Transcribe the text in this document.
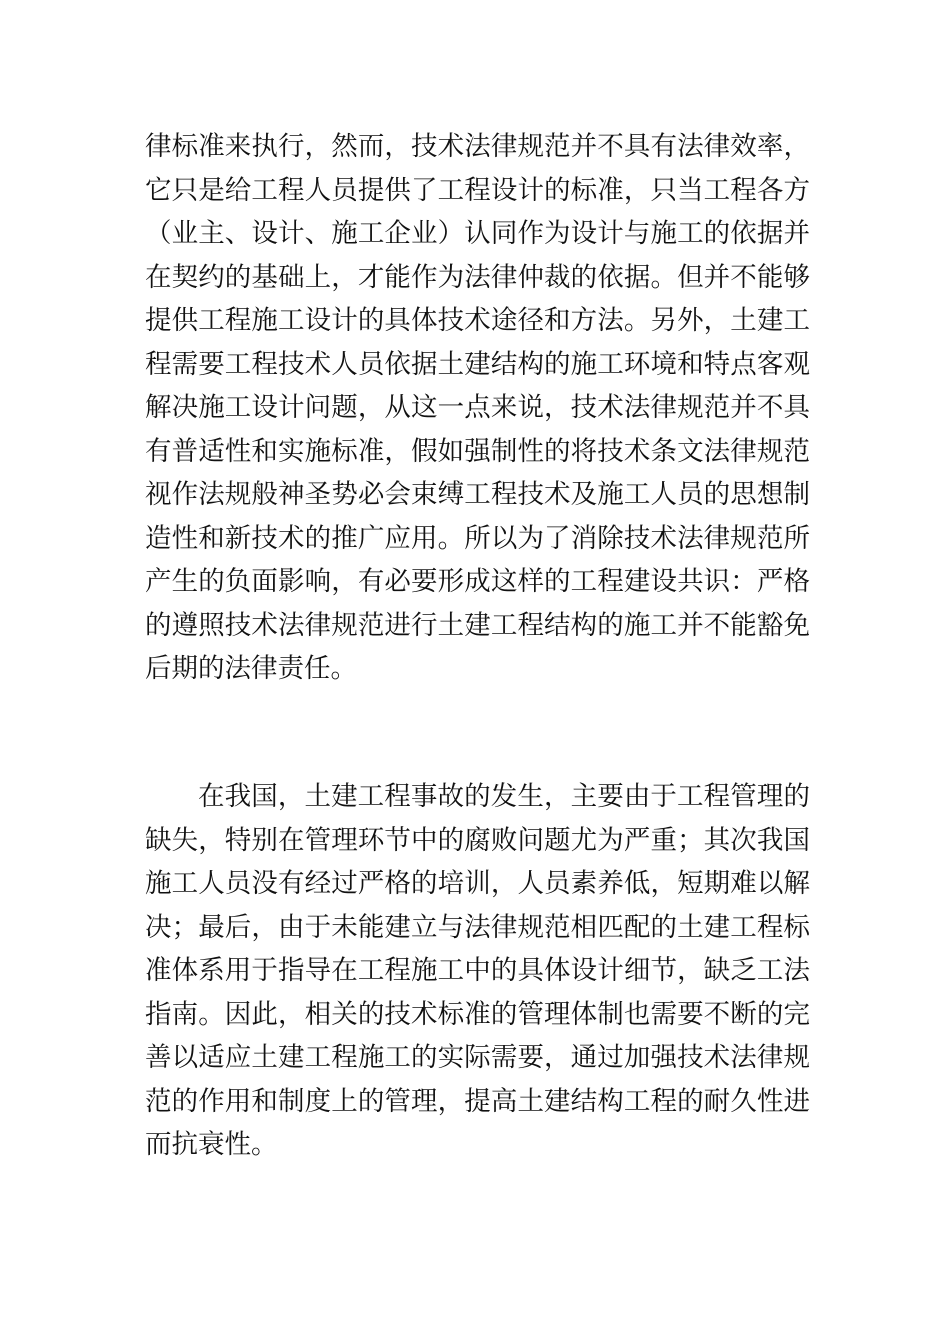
律标准来执行，然而，技术法律规范并不具有法律效率，
它只是给工程人员提供了工程设计的标准，只当工程各方
（业主、设计、施工企业）认同作为设计与施工的依据并
在契约的基础上，才能作为法律仲裁的依据。但并不能够
提供工程施工设计的具体技术途径和方法。另外，土建工
程需要工程技术人员依据土建结构的施工环境和特点客观
解决施工设计问题，从这一点来说，技术法律规范并不具
有普适性和实施标准，假如强制性的将技术条文法律规范
视作法规般神圣势必会束缚工程技术及施工人员的思想制
造性和新技术的推广应用。所以为了消除技术法律规范所
产生的负面影响，有必要形成这样的工程建设共识：严格
的遵照技术法律规范进行土建工程结构的施工并不能豁免
后期的法律责任。
在我国，土建工程事故的发生，主要由于工程管理的
缺失，特别在管理环节中的腐败问题尤为严重；其次我国
施工人员没有经过严格的培训，人员素养低，短期难以解
决；最后，由于未能建立与法律规范相匹配的土建工程标
准体系用于指导在工程施工中的具体设计细节，缺乏工法
指南。因此，相关的技术标准的管理体制也需要不断的完
善以适应土建工程施工的实际需要，通过加强技术法律规
范的作用和制度上的管理，提高土建结构工程的耐久性进
而抗衰性。
